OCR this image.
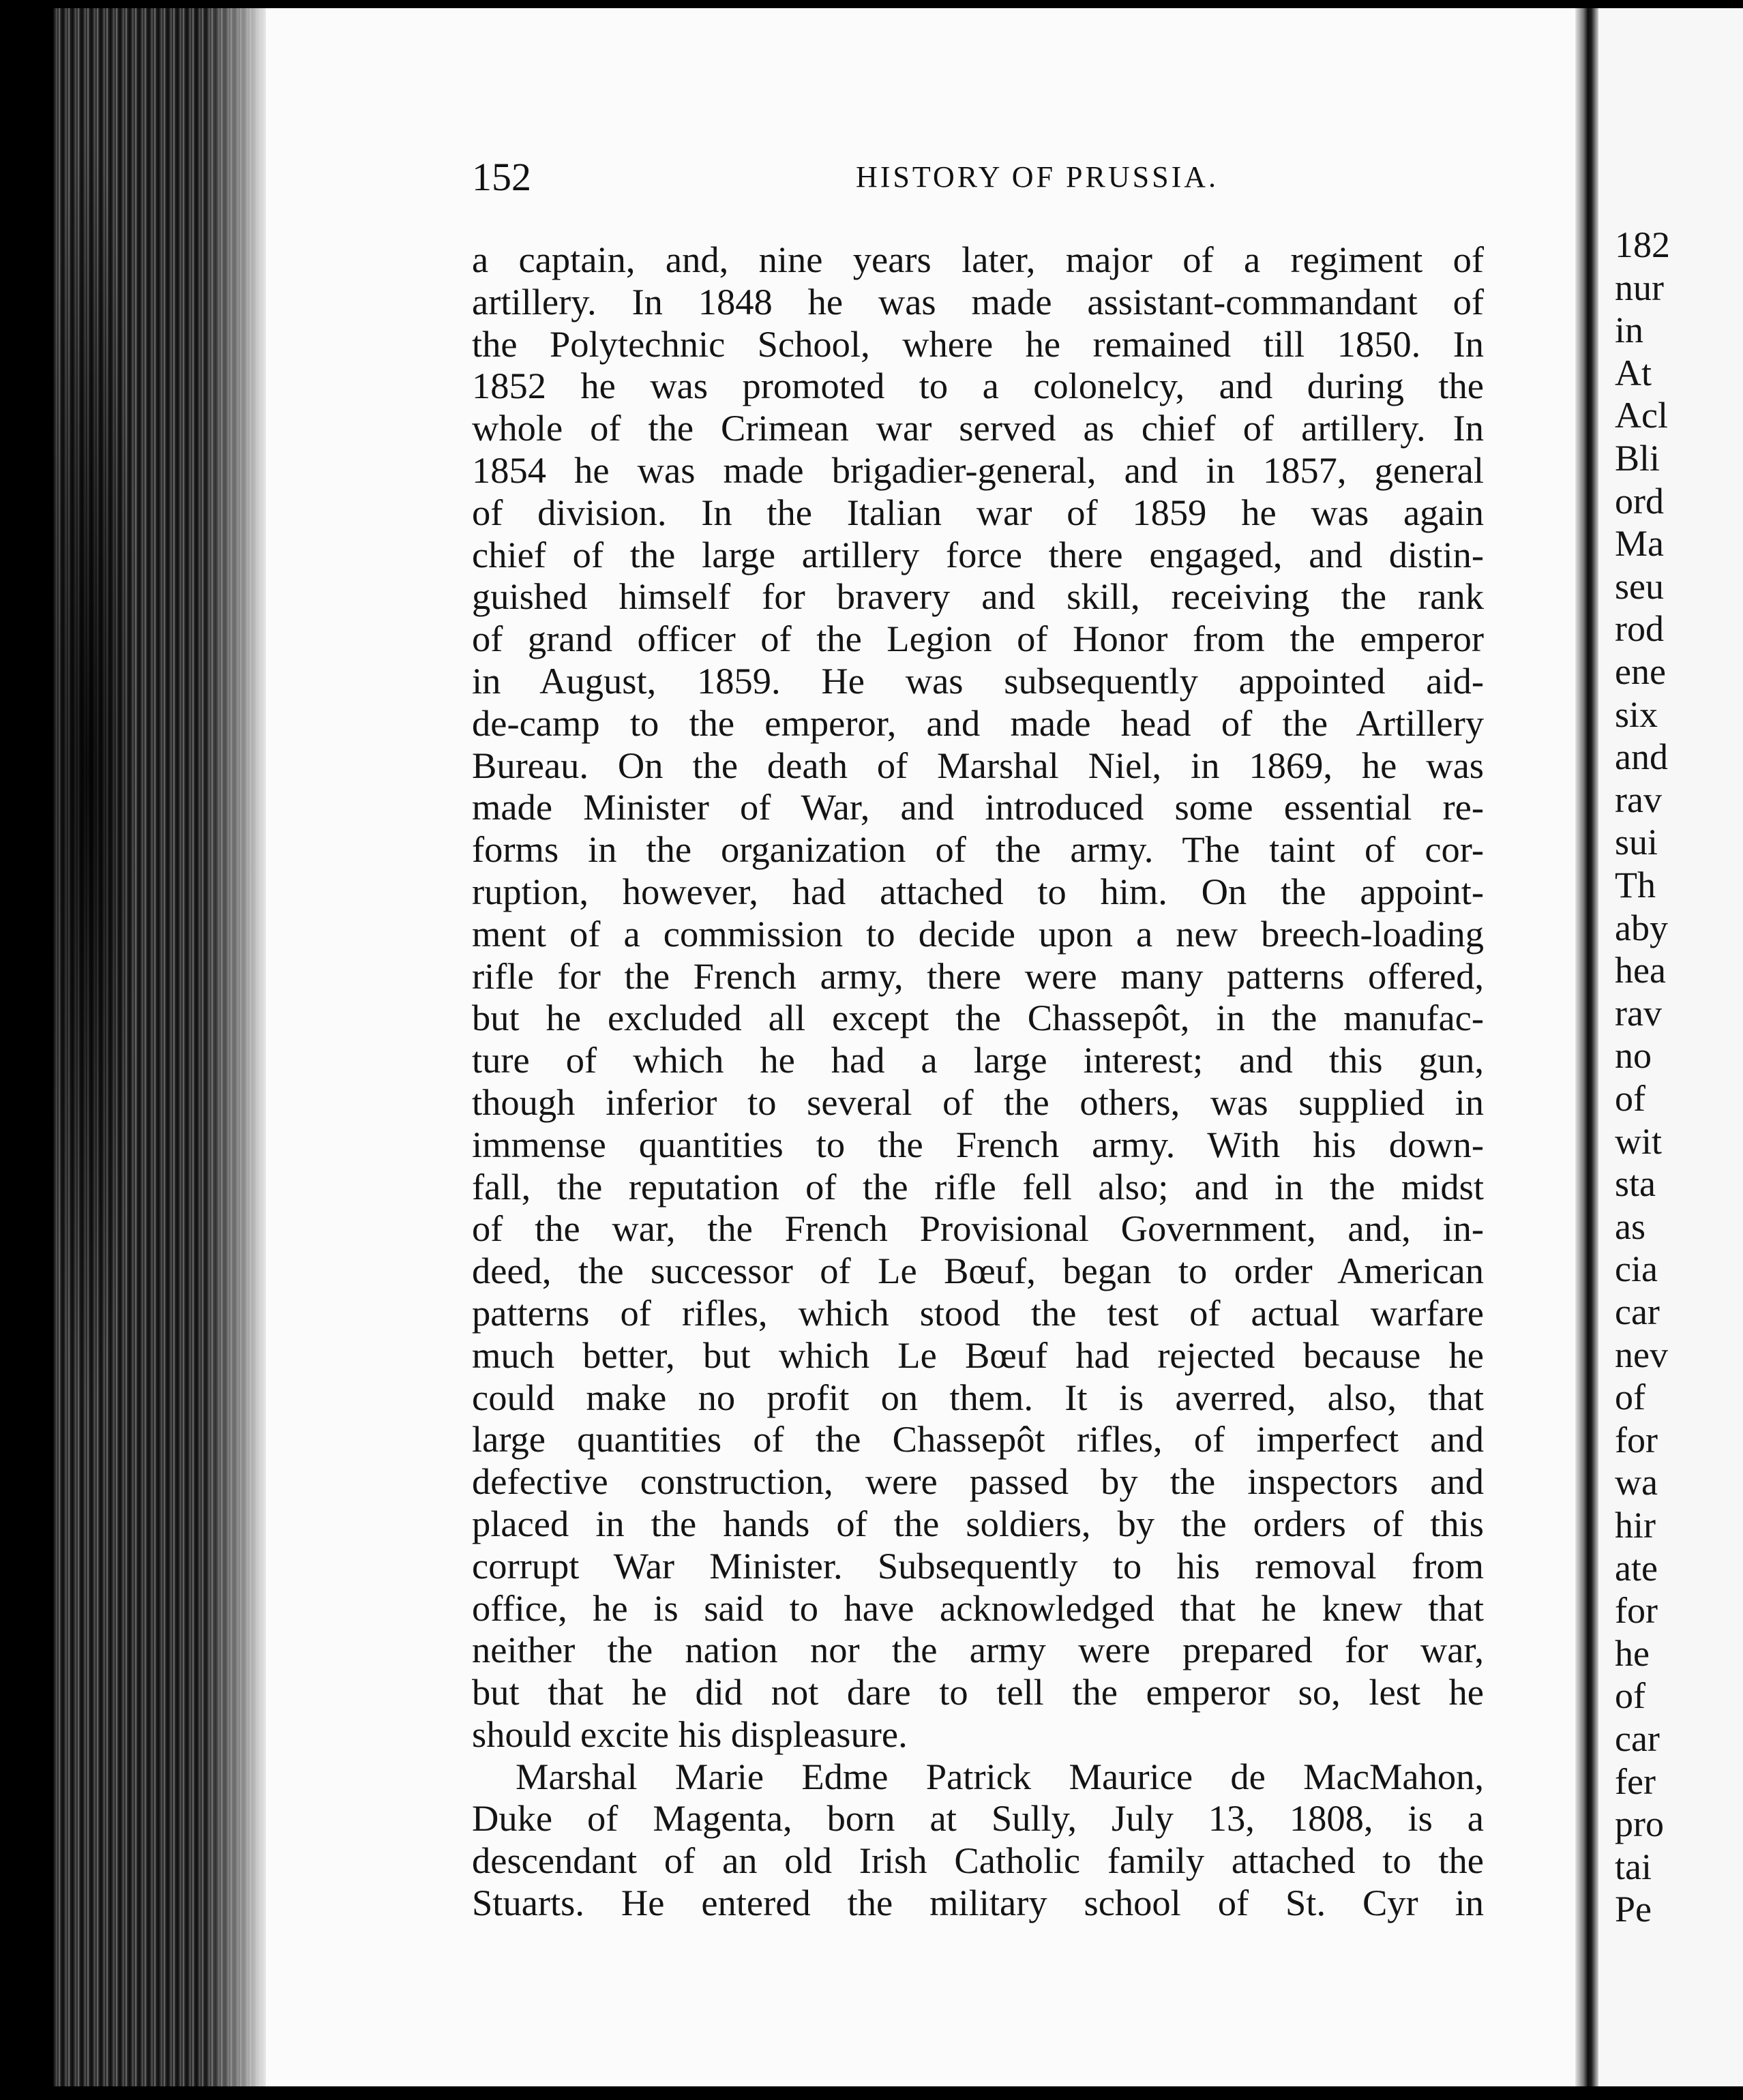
152	HISTORY OF PRUSSIA.
a captain, and, nine years later, major of a regiment of
artillery. In 1848 he was made assistant-commandant of
the Polytechnic School, where he remained till 1850. In
1852 he was promoted to a colonelcy, and during the
whole of the Crimean war served as chief of artillery. In
1854 he was made brigadier-general, and in 1857, general
of division. In the Italian war of 1859 he was again
chief of the large artillery force there engaged, and distin-
guished himself for bravery and skill, receiving the rank
of grand officer of the Legion of Honor from the emperor
in August, 1859. He was subsequently appointed aid-
de-camp to the emperor, and made head of the Artillery
Bureau. On the death of Marshal Niel, in 1869, he was
made Minister of War, and introduced some essential re-
forms in the organization of the army. The taint of cor-
ruption, however, had attached to him. On the appoint-
ment of a commission to decide upon a new breech-loading
rifle for the French army, there were many patterns offered,
but he excluded all except the Chassepôt, in the manufac-
ture of which he had a large interest; and this gun,
though inferior to several of the others, was supplied in
immense quantities to the French army. With his down-
fall, the reputation of the rifle fell also; and in the midst
of the war, the French Provisional Government, and, in-
deed, the successor of Le Bœuf, began to order American
patterns of rifles, which stood the test of actual warfare
much better, but which Le Bœuf had rejected because he
could make no profit on them. It is averred, also, that
large quantities of the Chassepôt rifles, of imperfect and
defective construction, were passed by the inspectors and
placed in the hands of the soldiers, by the orders of this
corrupt War Minister. Subsequently to his removal from
office, he is said to have acknowledged that he knew that
neither the nation nor the army were prepared for war,
but that he did not dare to tell the emperor so, lest he
should excite his displeasure.
Marshal Marie Edme Patrick Maurice de MacMahon,
Duke of Magenta, born at Sully, July 13, 1808, is a
descendant of an old Irish Catholic family attached to the
Stuarts. He entered the military school of St. Cyr in
182
nur
in
At
Acl
Bli
ord
Ma
seu
rod
ene
six
and
rav
sui
Th
aby
hea
rav
no
of
wit
sta
as
cia
car
nev
of
for
wa
hir
ate
for
he
of
car
fer
pro
tai
Pe
